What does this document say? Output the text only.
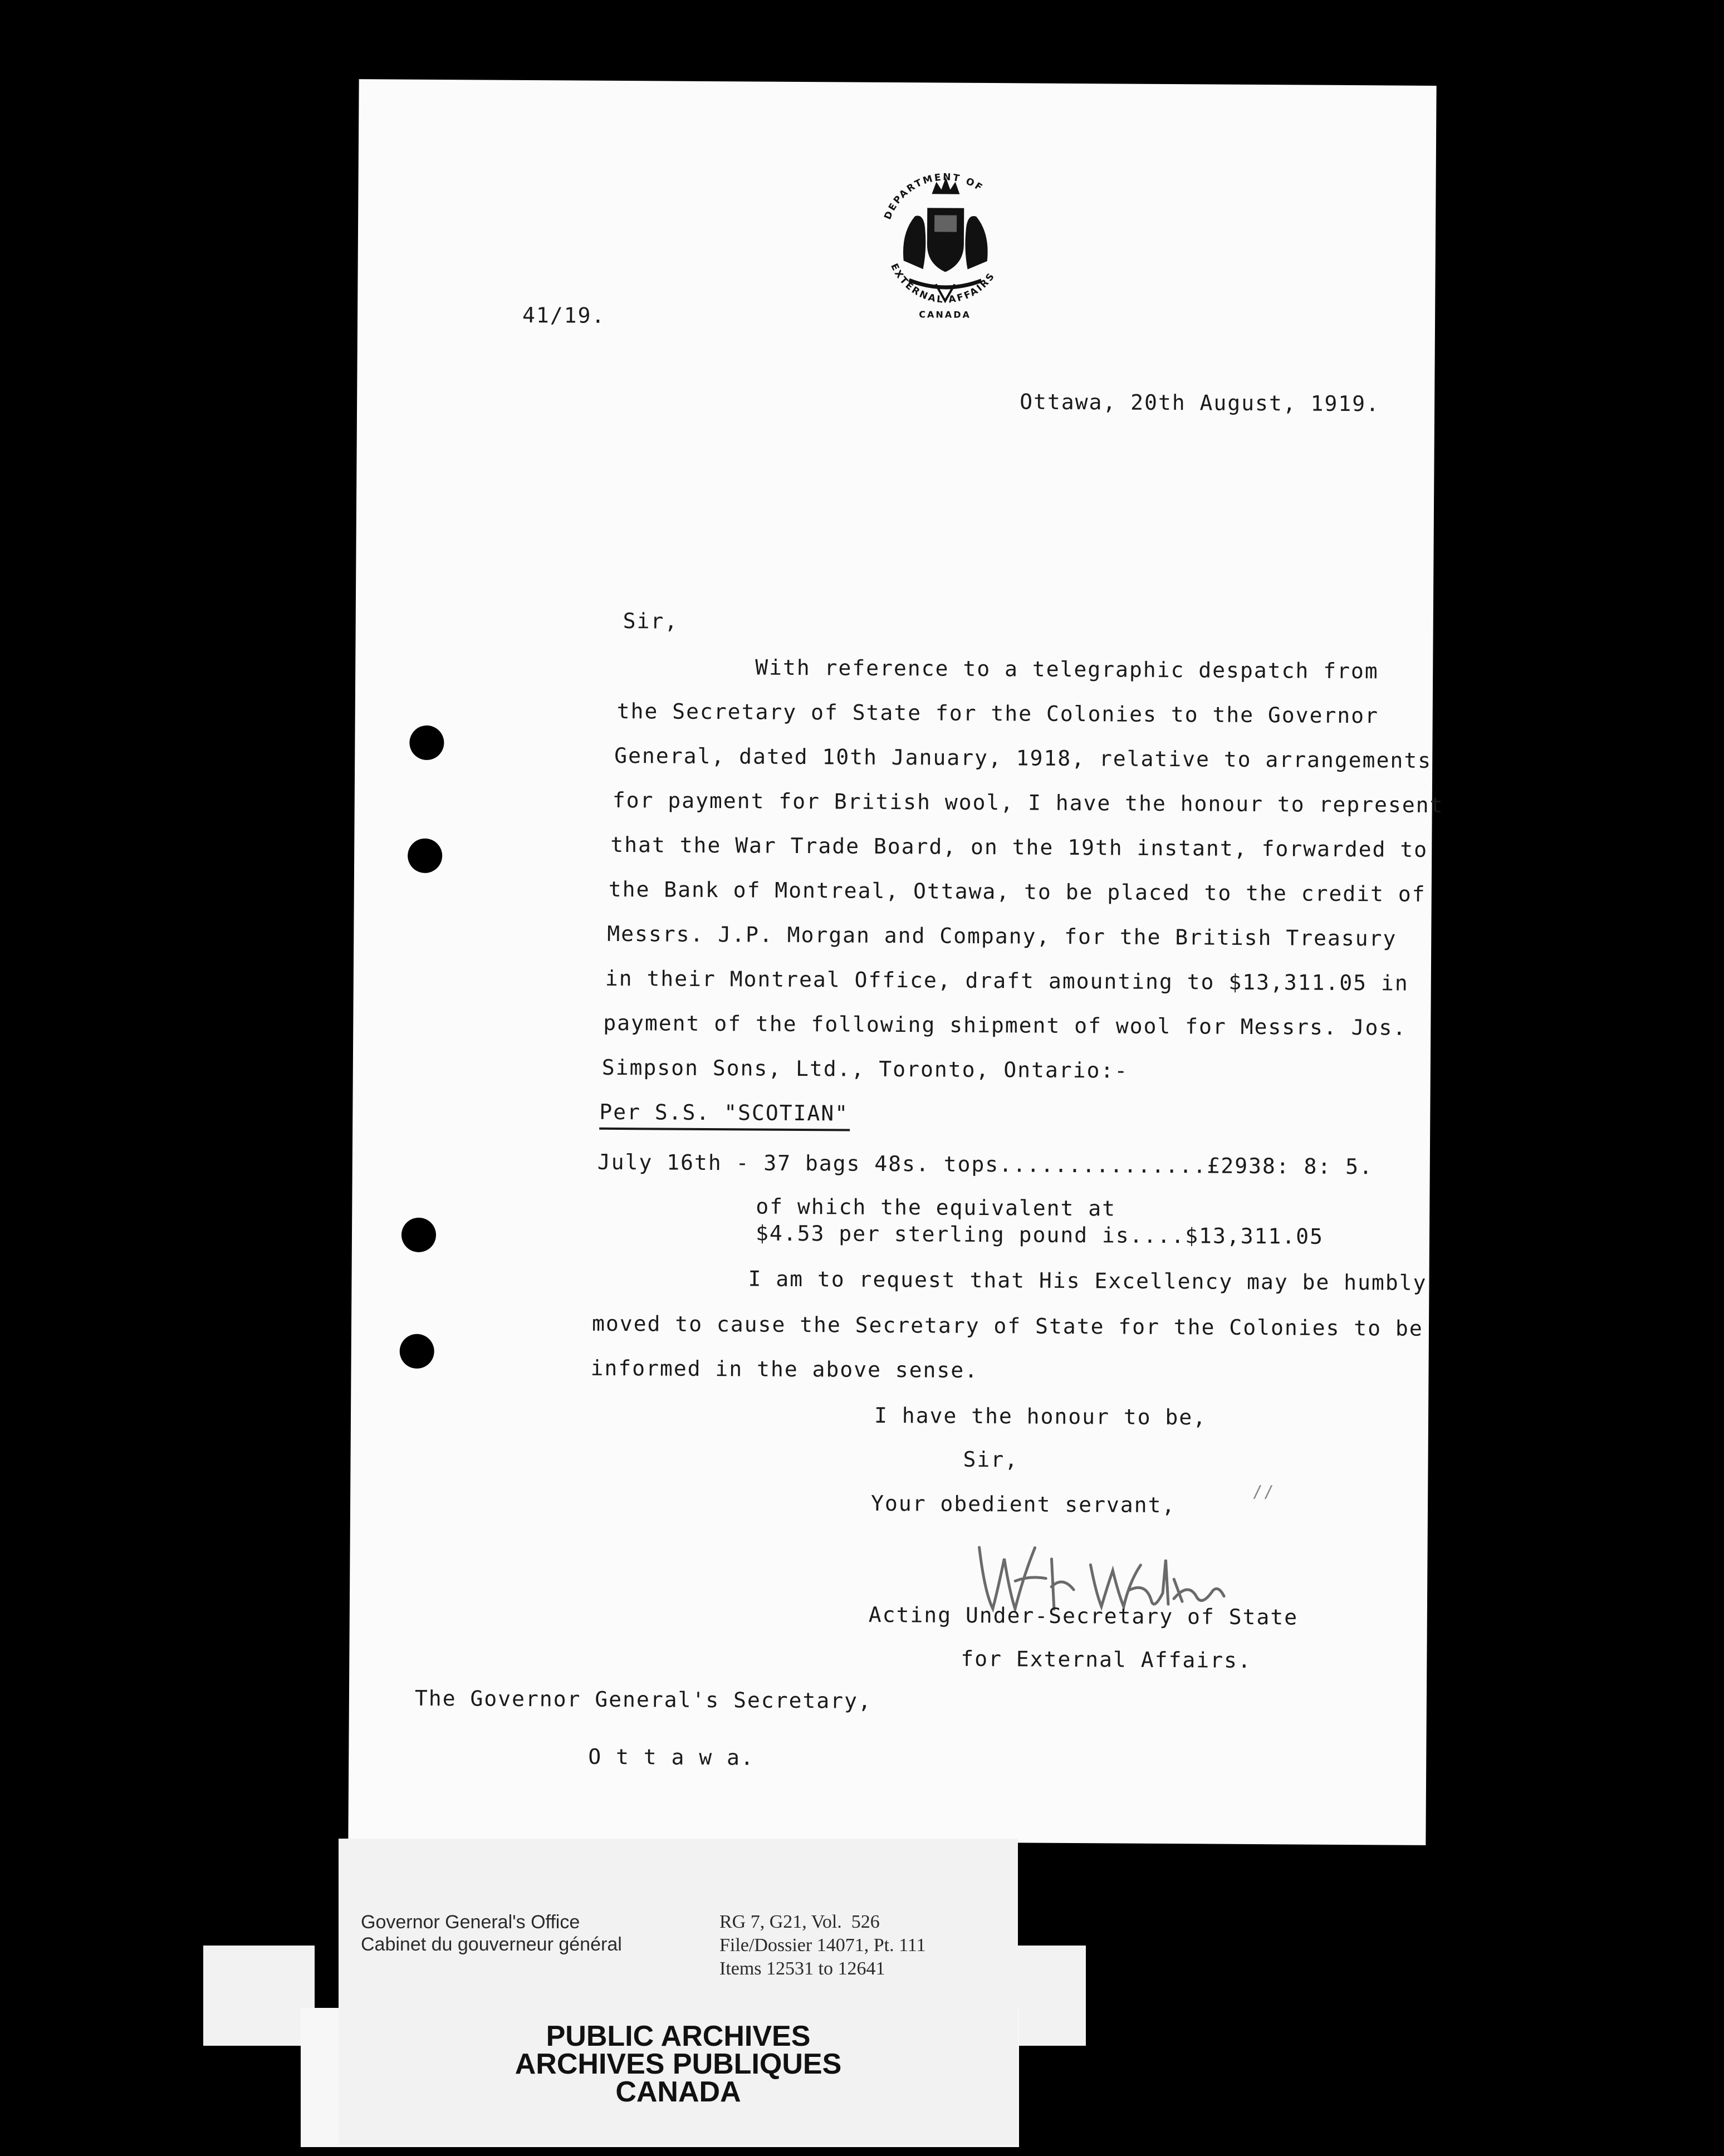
DEPARTMENT OF
EXTERNAL AFFAIRS
CANADA
41/19.
Ottawa, 20th August, 1919.
Sir,
With reference to a telegraphic despatch from
the Secretary of State for the Colonies to the Governor
General, dated 10th January, 1918, relative to arrangements
for payment for British wool, I have the honour to represent
that the War Trade Board, on the 19th instant, forwarded to
the Bank of Montreal, Ottawa, to be placed to the credit of
Messrs. J.P. Morgan and Company, for the British Treasury
in their Montreal Office, draft amounting to $13,311.05 in
payment of the following shipment of wool for Messrs. Jos.
Simpson Sons, Ltd., Toronto, Ontario:-
Per S.S. "SCOTIAN"
July 16th - 37 bags 48s. tops...............£2938: 8: 5.
of which the equivalent at
$4.53 per sterling pound is....$13,311.05
I am to request that His Excellency may be humbly
moved to cause the Secretary of State for the Colonies to be
informed in the above sense.
I have the honour to be,
Sir,
Your obedient servant,
Acting Under-Secretary of State
for External Affairs.
The Governor General's Secretary,
O t t a w a.
//
Governor General's Office
Cabinet du gouverneur général
RG 7, G21, Vol.  526
File/Dossier 14071, Pt. 111
Items 12531 to 12641
PUBLIC ARCHIVES
ARCHIVES PUBLIQUES
CANADA
